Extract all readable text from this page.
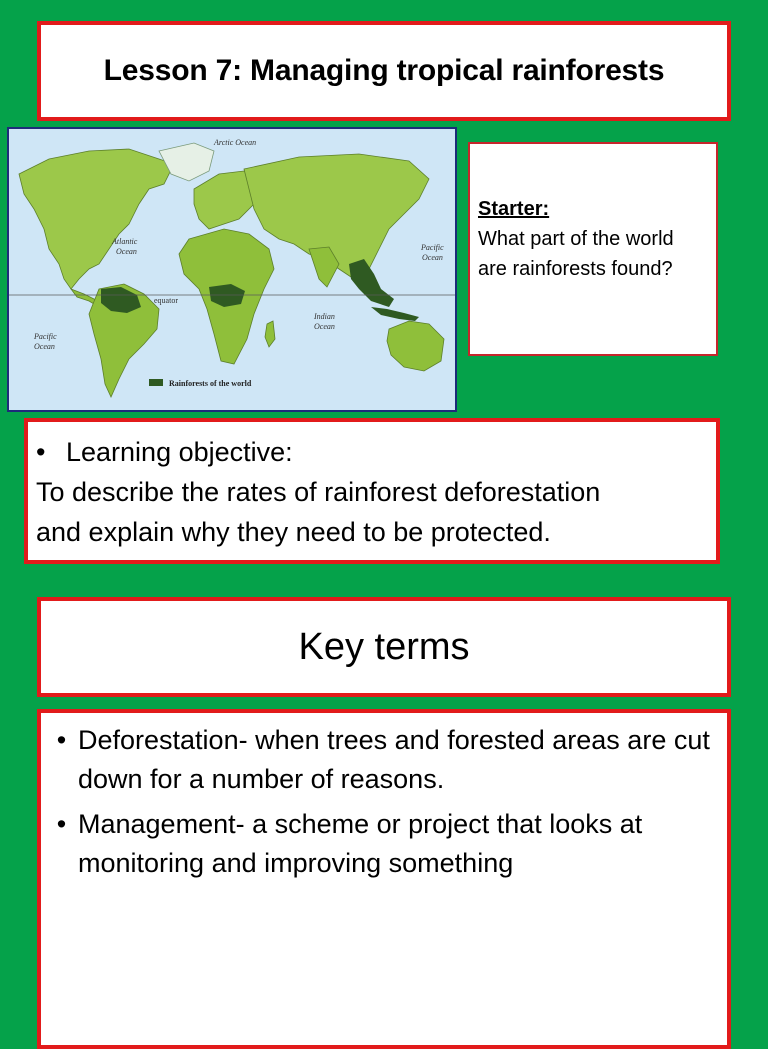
Lesson 7: Managing tropical rainforests
Arctic Ocean
Atlantic
Ocean	Pacific
Ocean
Pacific
Ocean
Indian
Ocean
equator
Rainforests of the world
Starter:
What part of the world are rainforests found?
• Learning objective:
To describe the rates of rainforest deforestation
and explain why they need to be protected.
Key terms
• Deforestation- when trees and forested areas are cut down for a number of reasons.
• Management- a scheme or project that looks at monitoring and improving something
